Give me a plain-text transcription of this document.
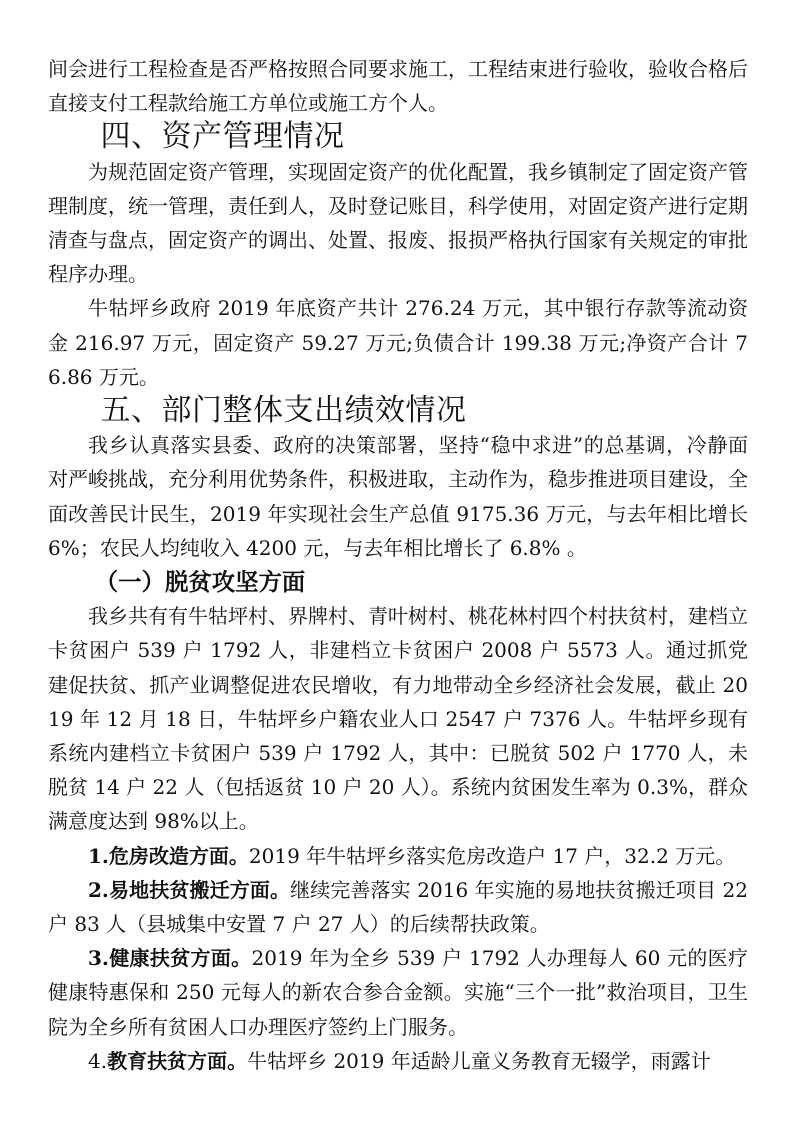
间会进行工程检查是否严格按照合同要求施工，工程结束进行验收，验收合格后直接支付工程款给施工方单位或施工方个人。

四、资产管理情况

为规范固定资产管理，实现固定资产的优化配置，我乡镇制定了固定资产管理制度，统一管理，责任到人，及时登记账目，科学使用，对固定资产进行定期清查与盘点，固定资产的调出、处置、报废、报损严格执行国家有关规定的审批程序办理。

牛牯坪乡政府 2019 年底资产共计 276.24 万元，其中银行存款等流动资金 216.97 万元，固定资产 59.27 万元;负债合计 199.38 万元;净资产合计 76.86 万元。

五、部门整体支出绩效情况

我乡认真落实县委、政府的决策部署，坚持“稳中求进”的总基调，冷静面对严峻挑战，充分利用优势条件，积极进取，主动作为，稳步推进项目建设，全面改善民计民生，2019 年实现社会生产总值 9175.36 万元，与去年相比增长 6%；农民人均纯收入 4200 元，与去年相比增长了 6.8% 。

（一）脱贫攻坚方面

我乡共有有牛牯坪村、界牌村、青叶树村、桃花林村四个村扶贫村，建档立卡贫困户 539 户 1792 人，非建档立卡贫困户 2008 户 5573 人。通过抓党建促扶贫、抓产业调整促进农民增收，有力地带动全乡经济社会发展，截止 2019 年 12 月 18 日，牛牯坪乡户籍农业人口 2547 户 7376 人。牛牯坪乡现有系统内建档立卡贫困户 539 户 1792 人，其中：已脱贫 502 户 1770 人，未脱贫 14 户 22 人（包括返贫 10 户 20 人）。系统内贫困发生率为 0.3%，群众满意度达到 98%以上。

1.危房改造方面。2019 年牛牯坪乡落实危房改造户 17 户，32.2 万元。

2.易地扶贫搬迁方面。继续完善落实 2016 年实施的易地扶贫搬迁项目 22 户 83 人（县城集中安置 7 户 27 人）的后续帮扶政策。

3.健康扶贫方面。2019 年为全乡 539 户 1792 人办理每人 60 元的医疗健康特惠保和 250 元每人的新农合参合金额。实施“三个一批”救治项目，卫生院为全乡所有贫困人口办理医疗签约上门服务。

4.教育扶贫方面。牛牯坪乡 2019 年适龄儿童义务教育无辍学，雨露计
